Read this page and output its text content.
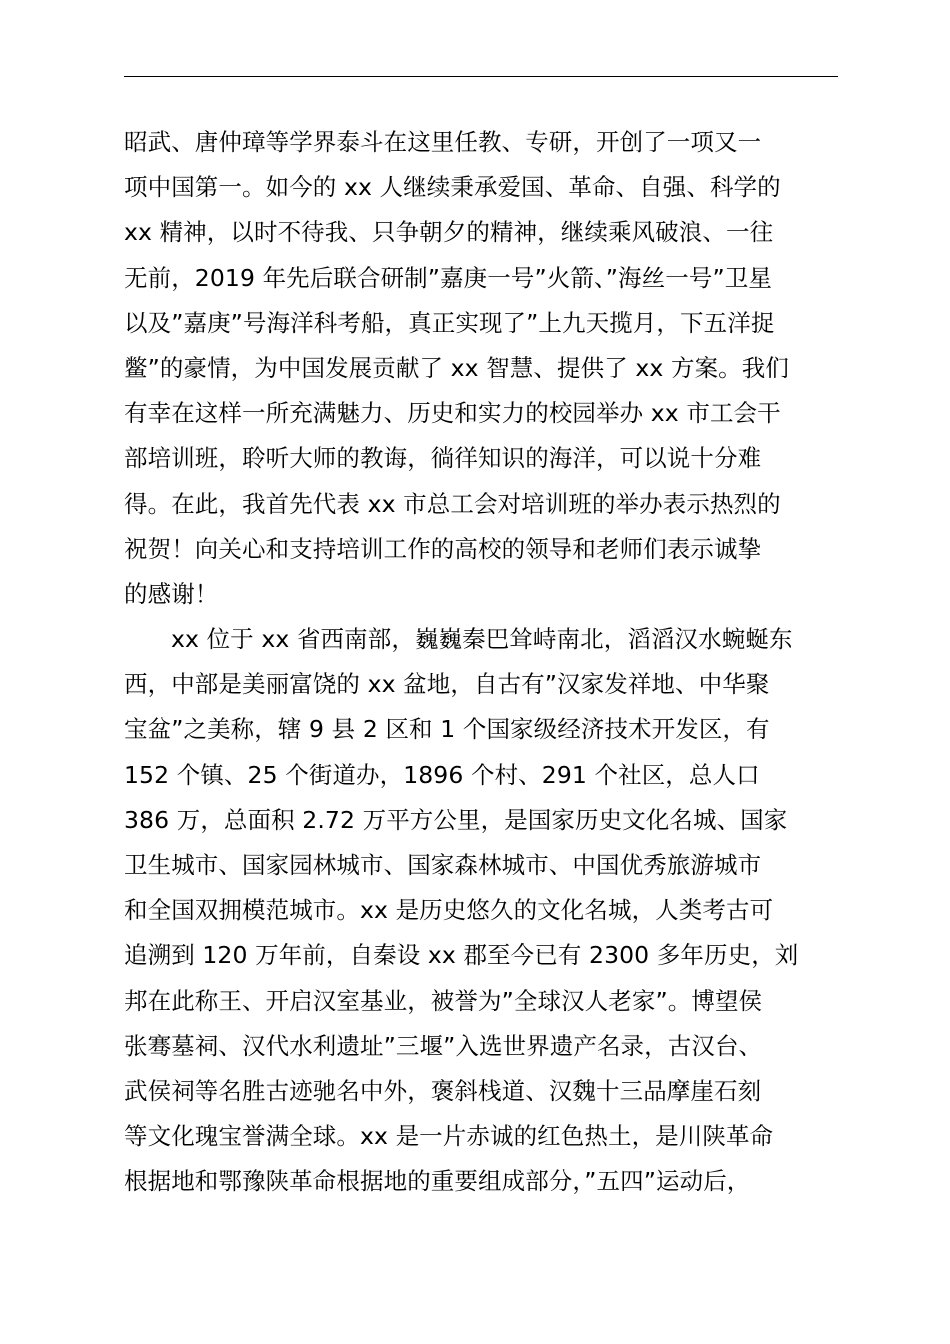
昭武、唐仲璋等学界泰斗在这里任教、专研，开创了一项又一
项中国第一。如今的 xx 人继续秉承爱国、革命、自强、科学的
xx 精神，以时不待我、只争朝夕的精神，继续乘风破浪、一往
无前，2019 年先后联合研制”嘉庚一号”火箭、”海丝一号”卫星
以及”嘉庚”号海洋科考船，真正实现了”上九天揽月，下五洋捉
鳖”的豪情，为中国发展贡献了 xx 智慧、提供了 xx 方案。我们
有幸在这样一所充满魅力、历史和实力的校园举办 xx 市工会干
部培训班，聆听大师的教诲，徜徉知识的海洋，可以说十分难
得。在此，我首先代表 xx 市总工会对培训班的举办表示热烈的
祝贺！向关心和支持培训工作的高校的领导和老师们表示诚挚
的感谢！
xx 位于 xx 省西南部，巍巍秦巴耸峙南北，滔滔汉水蜿蜒东
西，中部是美丽富饶的 xx 盆地，自古有”汉家发祥地、中华聚
宝盆”之美称，辖 9 县 2 区和 1 个国家级经济技术开发区，有
152 个镇、25 个街道办，1896 个村、291 个社区，总人口
386 万，总面积 2.72 万平方公里，是国家历史文化名城、国家
卫生城市、国家园林城市、国家森林城市、中国优秀旅游城市
和全国双拥模范城市。xx 是历史悠久的文化名城，人类考古可
追溯到 120 万年前，自秦设 xx 郡至今已有 2300 多年历史，刘
邦在此称王、开启汉室基业，被誉为”全球汉人老家”。博望侯
张骞墓祠、汉代水利遗址”三堰”入选世界遗产名录，古汉台、
武侯祠等名胜古迹驰名中外，褒斜栈道、汉魏十三品摩崖石刻
等文化瑰宝誉满全球。xx 是一片赤诚的红色热土，是川陕革命
根据地和鄂豫陕革命根据地的重要组成部分，”五四”运动后，
